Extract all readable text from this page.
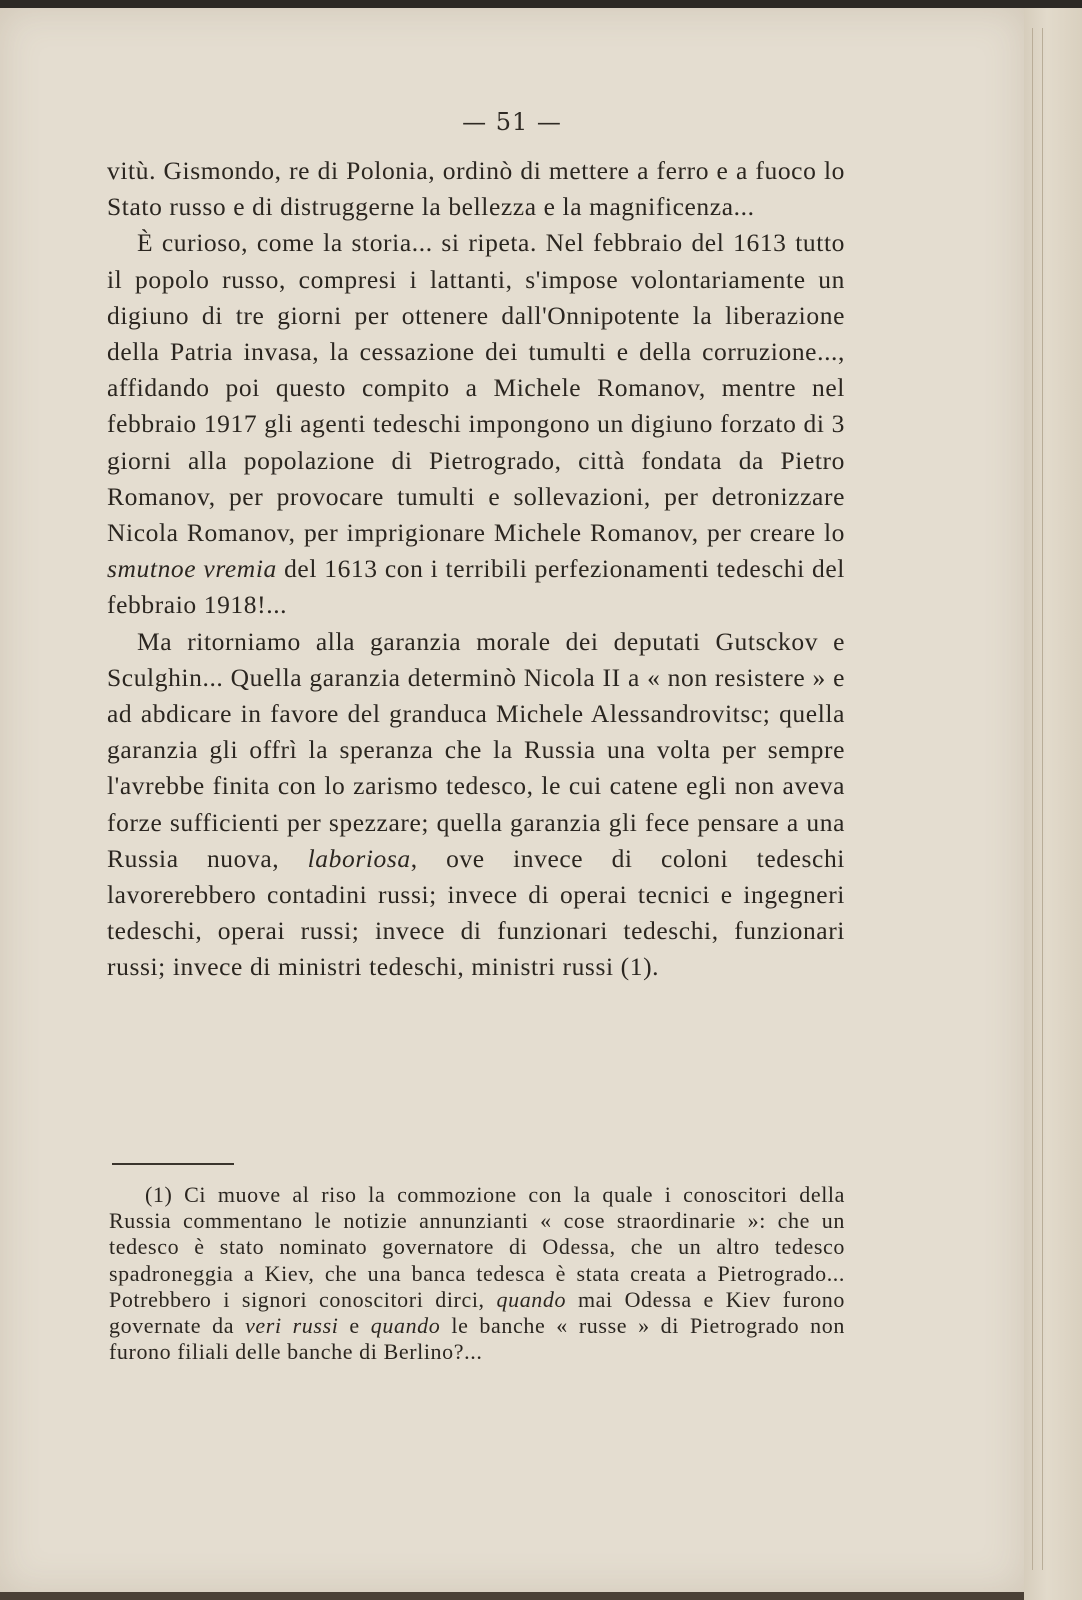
— 51 —

vitù. Gismondo, re di Polonia, ordinò di mettere a ferro e a fuoco lo Stato russo e di distruggerne la bellezza e la magnificenza...

È curioso, come la storia... si ripeta. Nel febbraio del 1613 tutto il popolo russo, compresi i lattanti, s'impose volontariamente un digiuno di tre giorni per ottenere dall'Onnipotente la liberazione della Patria invasa, la cessazione dei tumulti e della corruzione..., affidando poi questo compito a Michele Romanov, mentre nel febbraio 1917 gli agenti tedeschi impongono un digiuno forzato di 3 giorni alla popolazione di Pietrogrado, città fondata da Pietro Romanov, per provocare tumulti e sollevazioni, per detronizzare Nicola Romanov, per imprigionare Michele Romanov, per creare lo smutnoe vremia del 1613 con i terribili perfezionamenti tedeschi del febbraio 1918!...

Ma ritorniamo alla garanzia morale dei deputati Gutsckov e Sculghin... Quella garanzia determinò Nicola II a « non resistere » e ad abdicare in favore del granduca Michele Alessandrovitsc; quella garanzia gli offrì la speranza che la Russia una volta per sempre l'avrebbe finita con lo zarismo tedesco, le cui catene egli non aveva forze sufficienti per spezzare; quella garanzia gli fece pensare a una Russia nuova, laboriosa, ove invece di coloni tedeschi lavorerebbero contadini russi; invece di operai tecnici e ingegneri tedeschi, operai russi; invece di funzionari tedeschi, funzionari russi; invece di ministri tedeschi, ministri russi (1).

(1) Ci muove al riso la commozione con la quale i conoscitori della Russia commentano le notizie annunzianti « cose straordinarie »: che un tedesco è stato nominato governatore di Odessa, che un altro tedesco spadroneggia a Kiev, che una banca tedesca è stata creata a Pietrogrado... Potrebbero i signori conoscitori dirci, quando mai Odessa e Kiev furono governate da veri russi e quando le banche « russe » di Pietrogrado non furono filiali delle banche di Berlino?...
